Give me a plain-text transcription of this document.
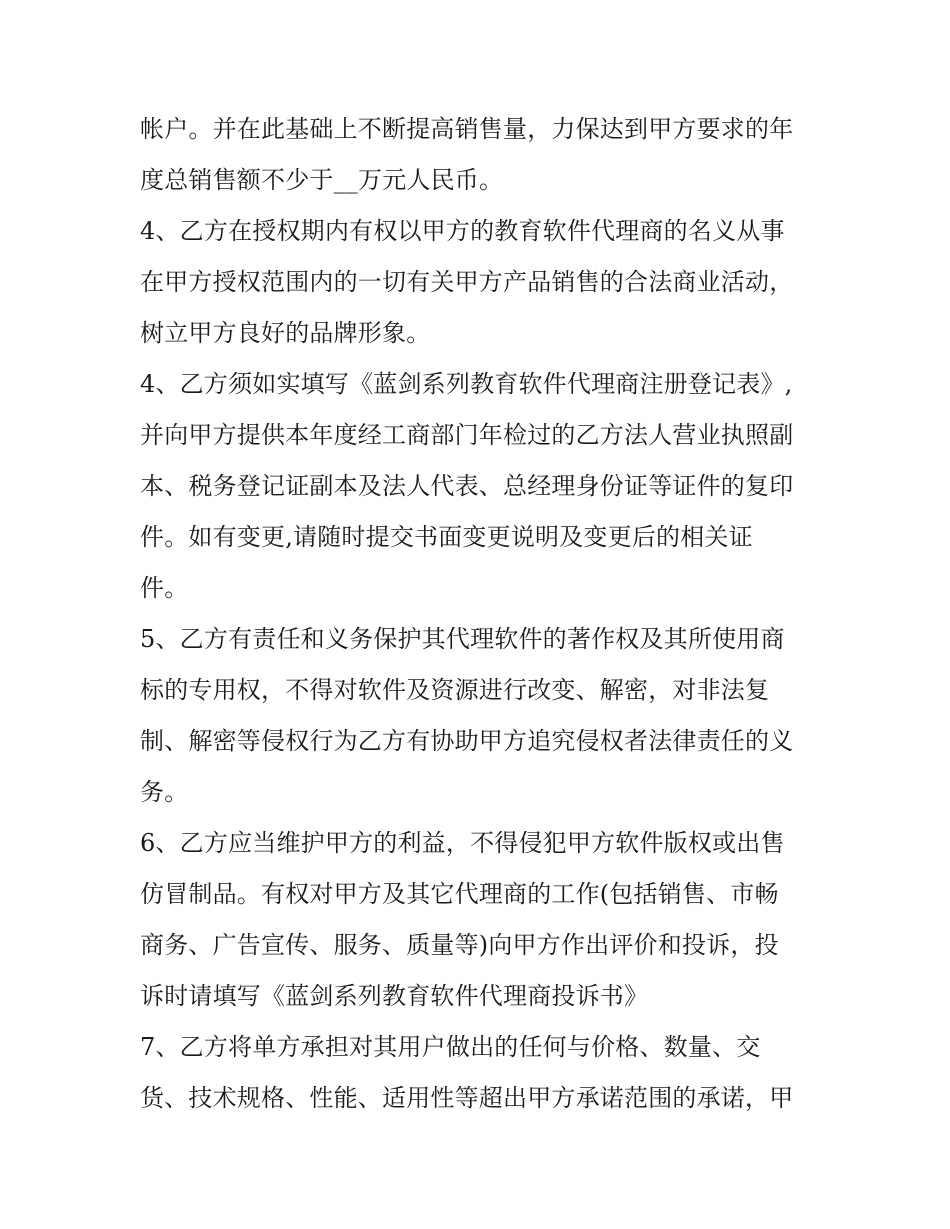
帐户。并在此基础上不断提高销售量，力保达到甲方要求的年
度总销售额不少于__万元人民币。
4、乙方在授权期内有权以甲方的教育软件代理商的名义从事
在甲方授权范围内的一切有关甲方产品销售的合法商业活动，
树立甲方良好的品牌形象。
4、乙方须如实填写《蓝剑系列教育软件代理商注册登记表》,
并向甲方提供本年度经工商部门年检过的乙方法人营业执照副
本、税务登记证副本及法人代表、总经理身份证等证件的复印
件。如有变更,请随时提交书面变更说明及变更后的相关证
件。
5、乙方有责任和义务保护其代理软件的著作权及其所使用商
标的专用权，不得对软件及资源进行改变、解密，对非法复
制、解密等侵权行为乙方有协助甲方追究侵权者法律责任的义
务。
6、乙方应当维护甲方的利益，不得侵犯甲方软件版权或出售
仿冒制品。有权对甲方及其它代理商的工作(包括销售、市畅
商务、广告宣传、服务、质量等)向甲方作出评价和投诉，投
诉时请填写《蓝剑系列教育软件代理商投诉书》
7、乙方将单方承担对其用户做出的任何与价格、数量、交
货、技术规格、性能、适用性等超出甲方承诺范围的承诺，甲
